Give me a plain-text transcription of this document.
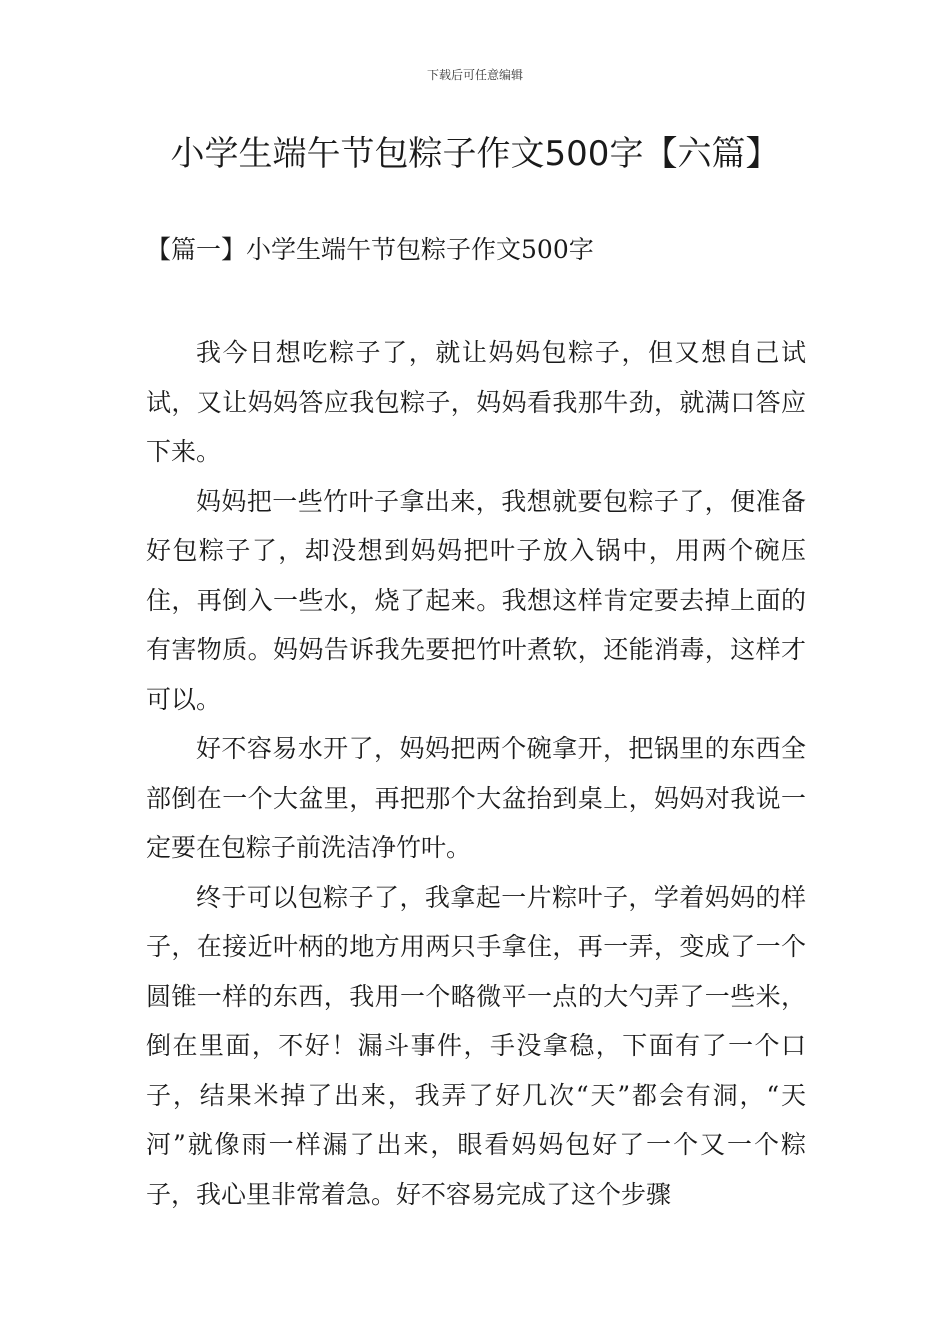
下载后可任意编辑
小学生端午节包粽子作文500字【六篇】
【篇一】小学生端午节包粽子作文500字

我今日想吃粽子了，就让妈妈包粽子，但又想自己试试，又让妈妈答应我包粽子，妈妈看我那牛劲，就满口答应下来。

妈妈把一些竹叶子拿出来，我想就要包粽子了，便准备好包粽子了，却没想到妈妈把叶子放入锅中，用两个碗压住，再倒入一些水，烧了起来。我想这样肯定要去掉上面的有害物质。妈妈告诉我先要把竹叶煮软，还能消毒，这样才可以。

好不容易水开了，妈妈把两个碗拿开，把锅里的东西全部倒在一个大盆里，再把那个大盆抬到桌上，妈妈对我说一定要在包粽子前洗洁净竹叶。

终于可以包粽子了，我拿起一片粽叶子，学着妈妈的样子，在接近叶柄的地方用两只手拿住，再一弄，变成了一个圆锥一样的东西，我用一个略微平一点的大勺弄了一些米，倒在里面，不好！漏斗事件，手没拿稳，下面有了一个口子，结果米掉了出来，我弄了好几次“天”都会有洞，“天河”就像雨一样漏了出来，眼看妈妈包好了一个又一个粽子，我心里非常着急。好不容易完成了这个步骤
